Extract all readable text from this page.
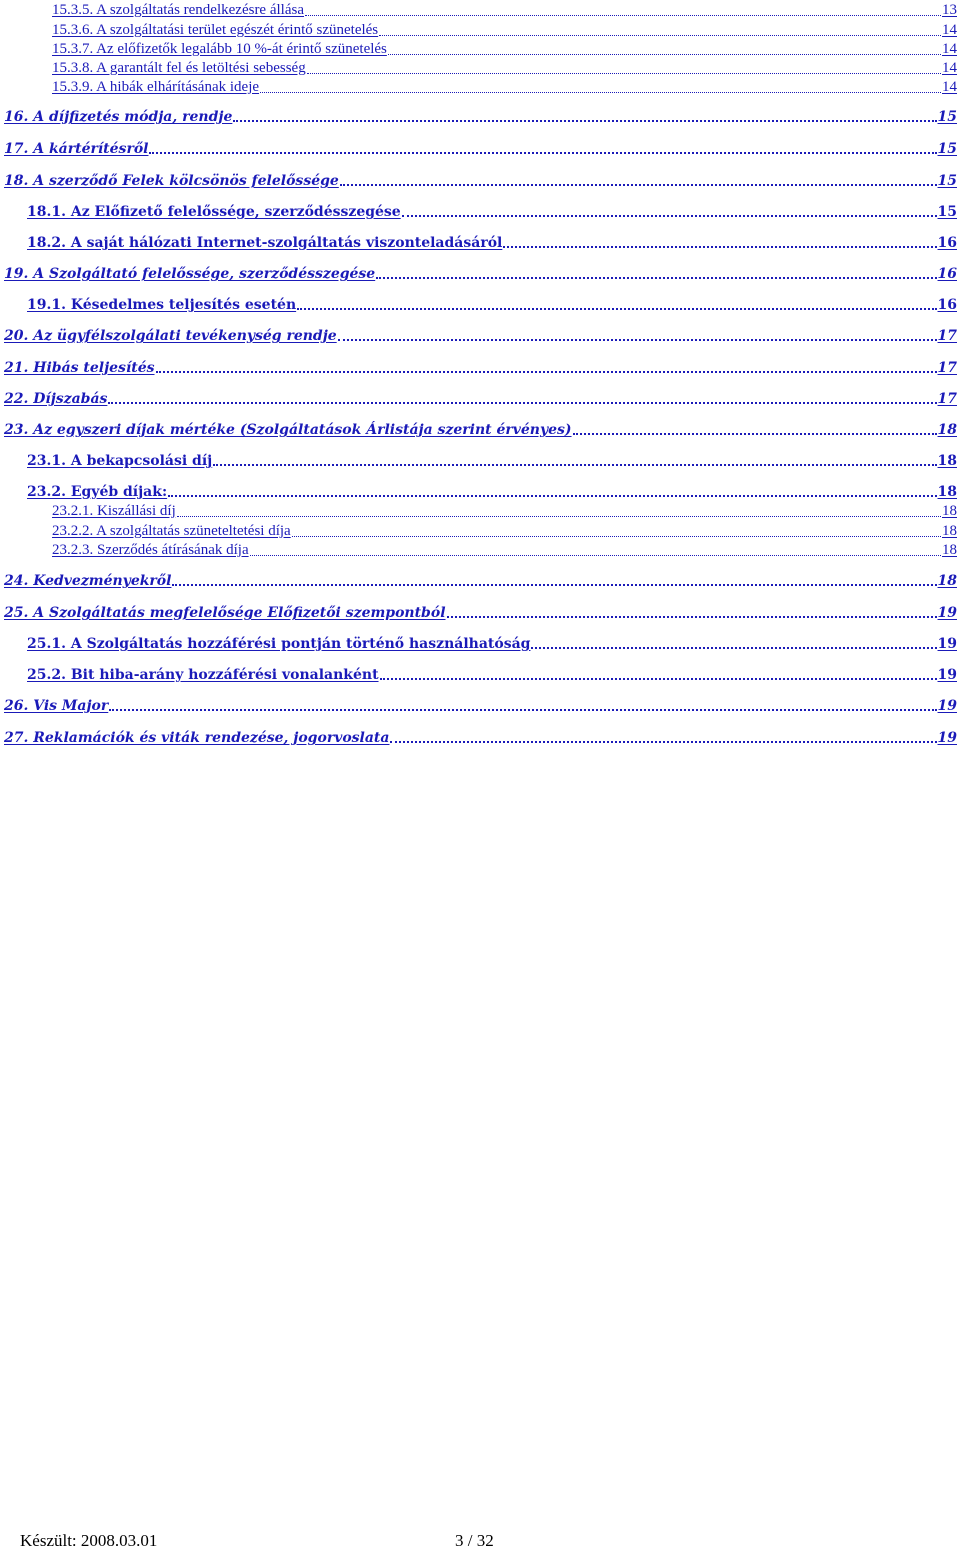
15.3.5. A szolgáltatás rendelkezésre állása	13
15.3.6. A szolgáltatási terület egészét érintő szünetelés	14
15.3.7. Az előfizetők legalább 10 %-át érintő szünetelés	14
15.3.8. A garantált fel és letöltési sebesség	14
15.3.9. A hibák elhárításának ideje	14
16. A díjfizetés módja, rendje	15
17. A kártérítésről	15
18. A szerződő Felek kölcsönös felelőssége	15
18.1. Az Előfizető felelőssége, szerződésszegése	15
18.2. A saját hálózati Internet-szolgáltatás viszonteladásáról	16
19. A Szolgáltató felelőssége, szerződésszegése	16
19.1. Késedelmes teljesítés esetén	16
20. Az ügyfélszolgálati tevékenység rendje	17
21. Hibás teljesítés	17
22. Díjszabás	17
23. Az egyszeri díjak mértéke (Szolgáltatások Árlistája szerint érvényes)	18
23.1. A bekapcsolási díj	18
23.2. Egyéb díjak:	18
23.2.1. Kiszállási díj	18
23.2.2. A szolgáltatás szüneteltetési díja	18
23.2.3. Szerződés átírásának díja	18
24. Kedvezményekről	18
25. A Szolgáltatás megfelelősége Előfizetői szempontból	19
25.1. A Szolgáltatás hozzáférési pontján történő használhatóság	19
25.2. Bit hiba-arány hozzáférési vonalanként	19
26. Vis Major	19
27. Reklamációk és viták rendezése, jogorvoslata	19
Készült: 2008.03.01	3 / 32
